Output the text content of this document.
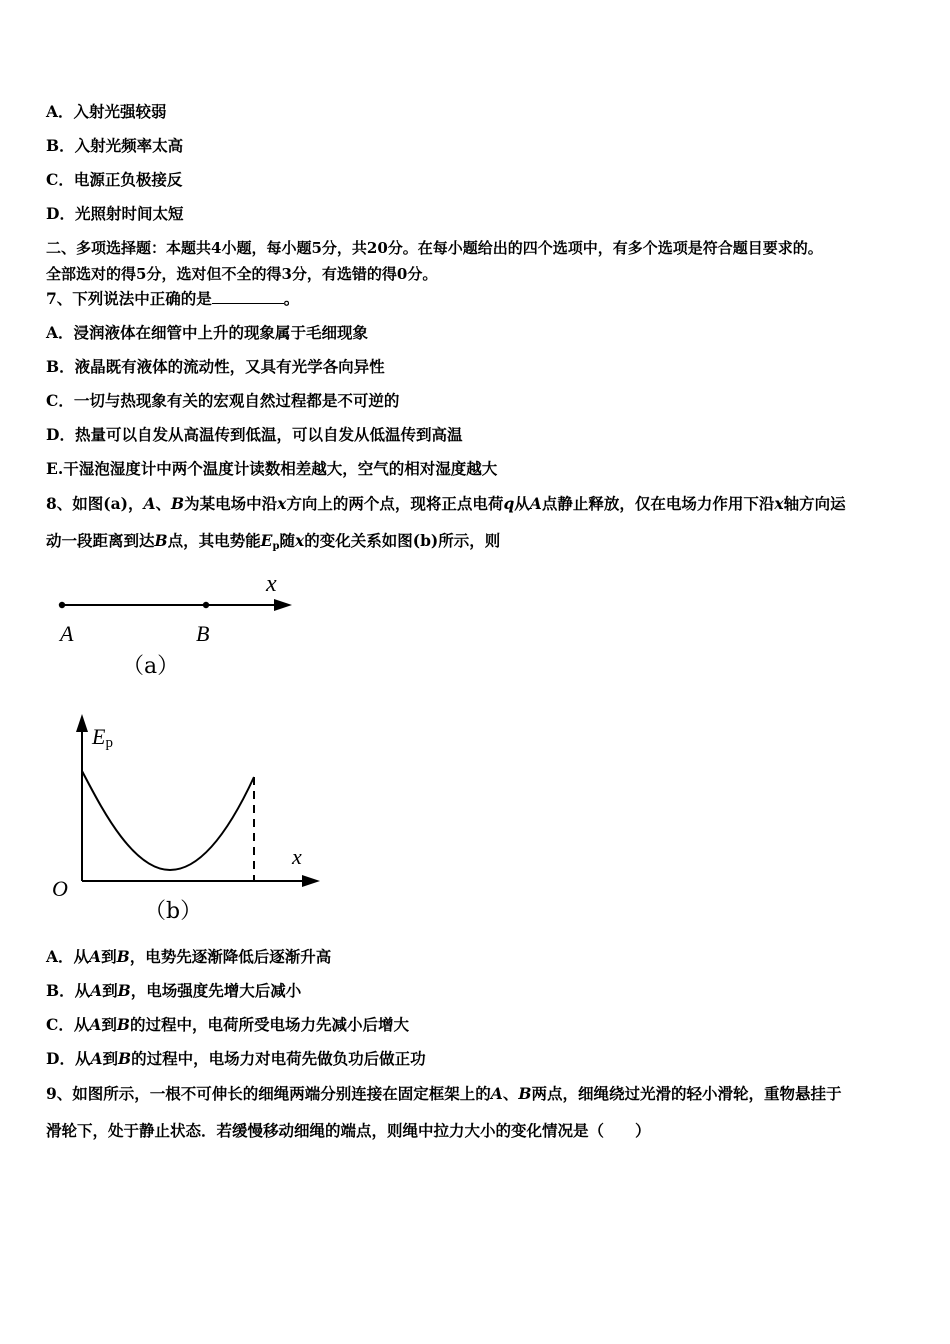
A．入射光强较弱
B．入射光频率太高
C．电源正负极接反
D．光照射时间太短
二、多项选择题：本题共4小题，每小题5分，共20分。在每小题给出的四个选项中，有多个选项是符合题目要求的。
全部选对的得5分，选对但不全的得3分，有选错的得0分。
7、下列说法中正确的是	。
A．浸润液体在细管中上升的现象属于毛细现象
B．液晶既有液体的流动性，又具有光学各向异性
C．一切与热现象有关的宏观自然过程都是不可逆的
D．热量可以自发从高温传到低温，可以自发从低温传到高温
E.干湿泡湿度计中两个温度计读数相差越大，空气的相对湿度越大
8、如图(a)，A、B为某电场中沿x方向上的两个点，现将正点电荷q从A点静止释放，仅在电场力作用下沿x轴方向运
动一段距离到达B点，其电势能$E_p$随x的变化关系如图(b)所示，则
x
A	B
（a）
Ep
x
O
（b）
A．从A到B，电势先逐渐降低后逐渐升高
B．从A到B，电场强度先增大后减小
C．从A到B的过程中，电荷所受电场力先减小后增大
D．从A到B的过程中，电场力对电荷先做负功后做正功
9、如图所示，一根不可伸长的细绳两端分别连接在固定框架上的A、B两点，细绳绕过光滑的轻小滑轮，重物悬挂于
滑轮下，处于静止状态．若缓慢移动细绳的端点，则绳中拉力大小的变化情况是（　　）
